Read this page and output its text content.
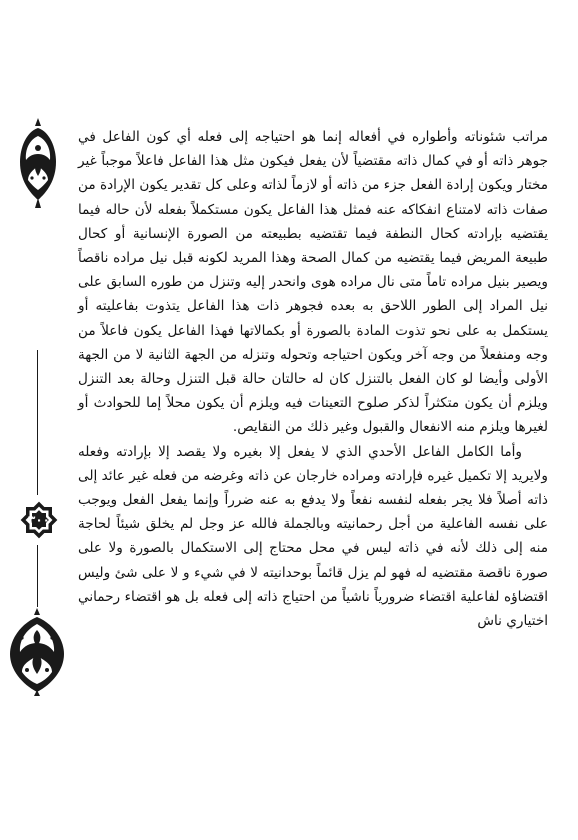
٣٠٠

مراتب شئوناته وأطواره في أفعاله إنما هو احتياجه إلى فعله أي كون الفاعل في جوهر ذاته أو في كمال ذاته مقتضياً لأن يفعل فيكون مثل هذا الفاعل فاعلاً موجباً غير مختار ويكون إرادة الفعل جزء من ذاته أو لازماً لذاته وعلى كل تقدير يكون الإرادة من صفات ذاته لامتناع انفكاكه عنه فمثل هذا الفاعل يكون مستكملاً بفعله لأن حاله فيما يقتضيه بإرادته كحال النطفة فيما تقتضيه بطبيعته من الصورة الإنسانية أو كحال طبيعة المريض فيما يقتضيه من كمال الصحة وهذا المريد لكونه قبل نيل مراده ناقصاً ويصير بنيل مراده تاماً متى نال مراده هوى وانحدر إليه وتنزل من طوره السابق على نيل المراد إلى الطور اللاحق به بعده فجوهر ذات هذا الفاعل يتذوت بفاعليته أو يستكمل به على نحو تذوت المادة بالصورة أو بكمالاتها فهذا الفاعل يكون فاعلاً من وجه ومنفعلاً من وجه آخر ويكون احتياجه وتحوله وتنزله من الجهة الثانية لا من الجهة الأولى وأيضا لو كان الفعل بالتنزل كان له حالتان حالة قبل التنزل وحالة بعد التنزل ويلزم أن يكون متكثراً لذكر صلوح التعينات فيه ويلزم أن يكون محلاً إما للحوادث أو لغيرها ويلزم منه الانفعال والقبول وغير ذلك من النقايص.

وأما الكامل الفاعل الأحدي الذي لا يفعل إلا بغيره ولا يقصد إلا بإرادته وفعله ولايريد إلا تكميل غيره فإرادته ومراده خارجان عن ذاته وغرضه من فعله غير عائد إلى ذاته أصلاً فلا يجر بفعله لنفسه نفعاً ولا يدفع به عنه ضرراً وإنما يفعل الفعل ويوجب على نفسه الفاعلية من أجل رحمانيته وبالجملة فالله عز وجل لم يخلق شيئاً لحاجة منه إلى ذلك لأنه في ذاته ليس في محل محتاج إلى الاستكمال بالصورة ولا على صورة ناقصة مقتضيه له فهو لم يزل قائماً بوحدانيته لا في شيء و لا على شئ وليس اقتضاؤه لفاعلية اقتضاء ضرورياً ناشياً من احتياج ذاته إلى فعله بل هو اقتضاء رحماني اختياري ناش
